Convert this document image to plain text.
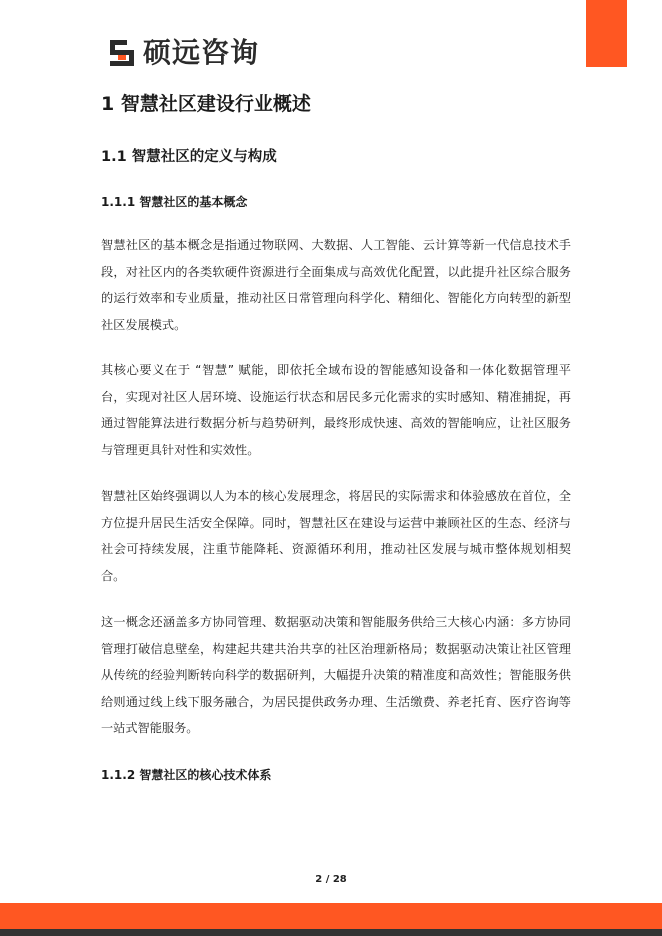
硕远咨询
1 智慧社区建设行业概述
1.1 智慧社区的定义与构成
1.1.1 智慧社区的基本概念

智慧社区的基本概念是指通过物联网、大数据、人工智能、云计算等新一代信息技术手段，对社区内的各类软硬件资源进行全面集成与高效优化配置，以此提升社区综合服务的运行效率和专业质量，推动社区日常管理向科学化、精细化、智能化方向转型的新型社区发展模式。

其核心要义在于 “智慧” 赋能，即依托全域布设的智能感知设备和一体化数据管理平台，实现对社区人居环境、设施运行状态和居民多元化需求的实时感知、精准捕捉，再通过智能算法进行数据分析与趋势研判，最终形成快速、高效的智能响应，让社区服务与管理更具针对性和实效性。

智慧社区始终强调以人为本的核心发展理念，将居民的实际需求和体验感放在首位，全方位提升居民生活安全保障。同时，智慧社区在建设与运营中兼顾社区的生态、经济与社会可持续发展，注重节能降耗、资源循环利用，推动社区发展与城市整体规划相契合。

这一概念还涵盖多方协同管理、数据驱动决策和智能服务供给三大核心内涵：多方协同管理打破信息壁垒，构建起共建共治共享的社区治理新格局；数据驱动决策让社区管理从传统的经验判断转向科学的数据研判，大幅提升决策的精准度和高效性；智能服务供给则通过线上线下服务融合，为居民提供政务办理、生活缴费、养老托育、医疗咨询等一站式智能服务。

1.1.2 智慧社区的核心技术体系
2 / 28
